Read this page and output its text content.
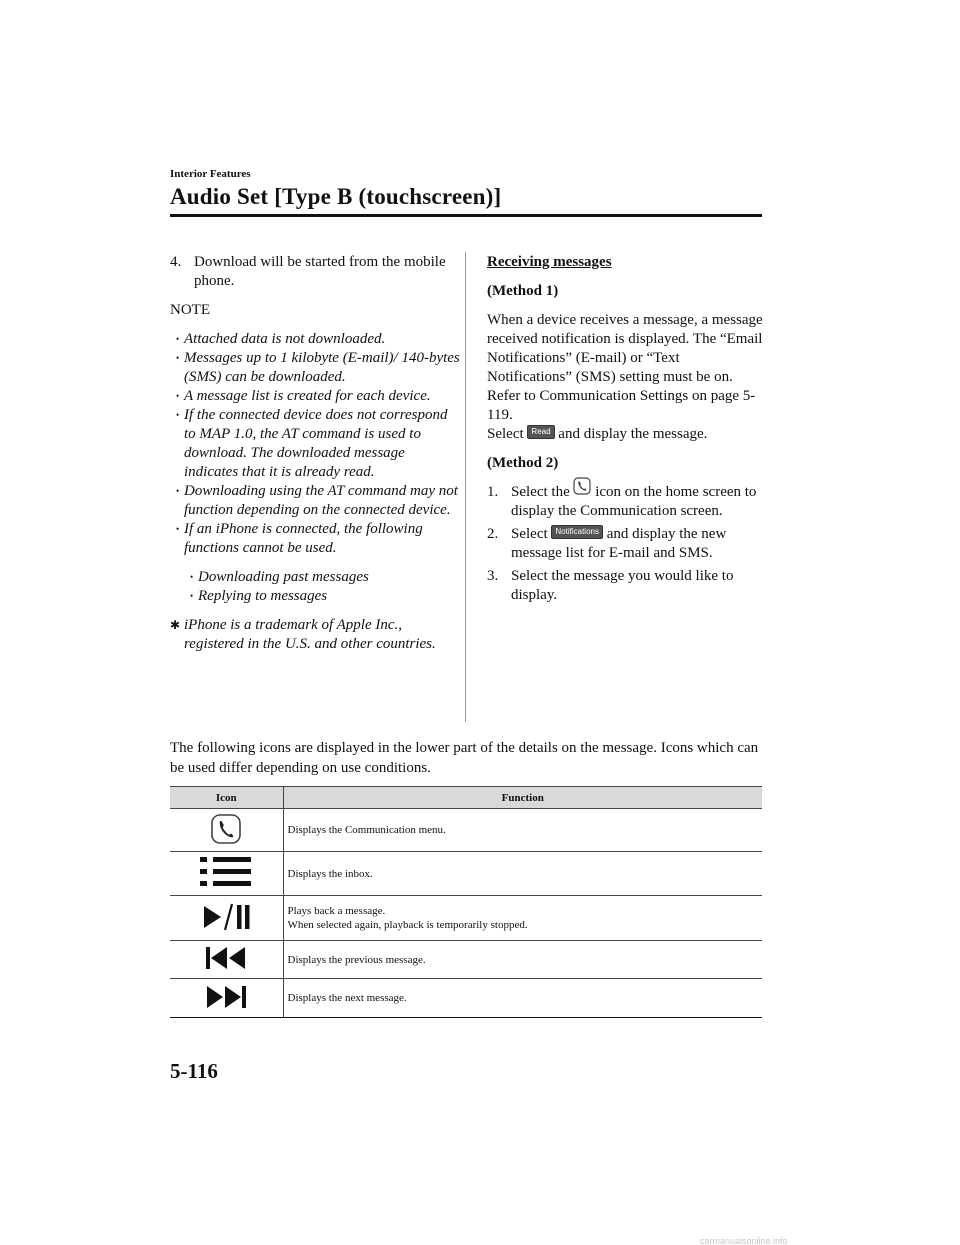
Interior Features
Audio Set [Type B (touchscreen)]
4. Download will be started from the mobile phone.
NOTE
• Attached data is not downloaded.
• Messages up to 1 kilobyte (E-mail)/ 140-bytes (SMS) can be downloaded.
• A message list is created for each device.
• If the connected device does not correspond to MAP 1.0, the AT command is used to download. The downloaded message indicates that it is already read.
• Downloading using the AT command may not function depending on the connected device.
• If an iPhone is connected, the following functions cannot be used.
• Downloading past messages
• Replying to messages
✱ iPhone is a trademark of Apple Inc., registered in the U.S. and other countries.
Receiving messages
(Method 1)
When a device receives a message, a message received notification is displayed. The “Email Notifications” (E-mail) or “Text Notifications” (SMS) setting must be on.
Refer to Communication Settings on page 5-119.
Select Read and display the message.
(Method 2)
1. Select the icon on the home screen to display the Communication screen.
2. Select Notifications and display the new message list for E-mail and SMS.
3. Select the message you would like to display.
The following icons are displayed in the lower part of the details on the message. Icons which can be used differ depending on use conditions.
Icon	Function
	Displays the Communication menu.
	Displays the inbox.
	Plays back a message.
When selected again, playback is temporarily stopped.
	Displays the previous message.
	Displays the next message.
5-116
carmanualsonline.info
